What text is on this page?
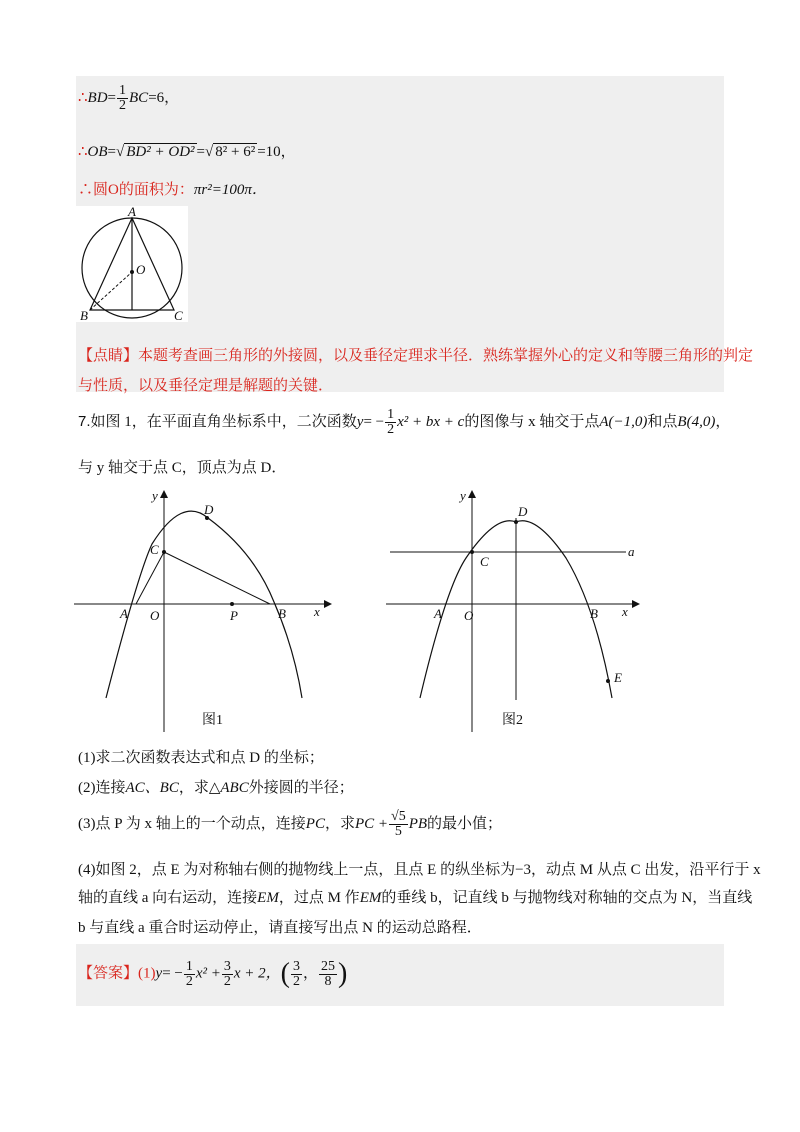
∴BD= $\frac{1}{2} BC=6$，
∴OB=√ BD² + OD² =√ 8² + 6² =10，
∴圆O的面积为：πr²=100π．
A
O
B	C
【点睛】本题考查画三角形的外接圆，以及垂径定理求半径．熟练掌握外心的定义和等腰三角形的判定
与性质，以及垂径定理是解题的关键．
7.如图 1，在平面直角坐标系中，二次函数$y= - \frac{1}{2} x^2$ + bx + c的图像与 x 轴交于点A(−1,0)和点B(4,0)，
与 y 轴交于点 C，顶点为点 D．
y
x
D
C
A O	P	B
图1
y
x
D
C
a
A O	B
E
图2
(1)求二次函数表达式和点 D 的坐标；
(2)连接AC、BC，求△ABC外接圆的半径；
(3)点 P 为 x 轴上的一个动点，连接PC，求PC + $\frac{√5}{5}$ PB的最小值；
(4)如图 2，点 E 为对称轴右侧的抛物线上一点，且点 E 的纵坐标为−3，动点 M 从点 C 出发，沿平行于 x
轴的直线 a 向右运动，连接EM，过点 M 作EM的垂线 b，记直线 b 与抛物线对称轴的交点为 N，当直线
b 与直线 a 重合时运动停止，请直接写出点 N 的运动总路程．
【答案】$(1)y= - \frac{1}{2} x^2 + \frac{3}{2}$ x + 2，( $\frac{3}{2}$ ， $\frac{25}{8}$ )
